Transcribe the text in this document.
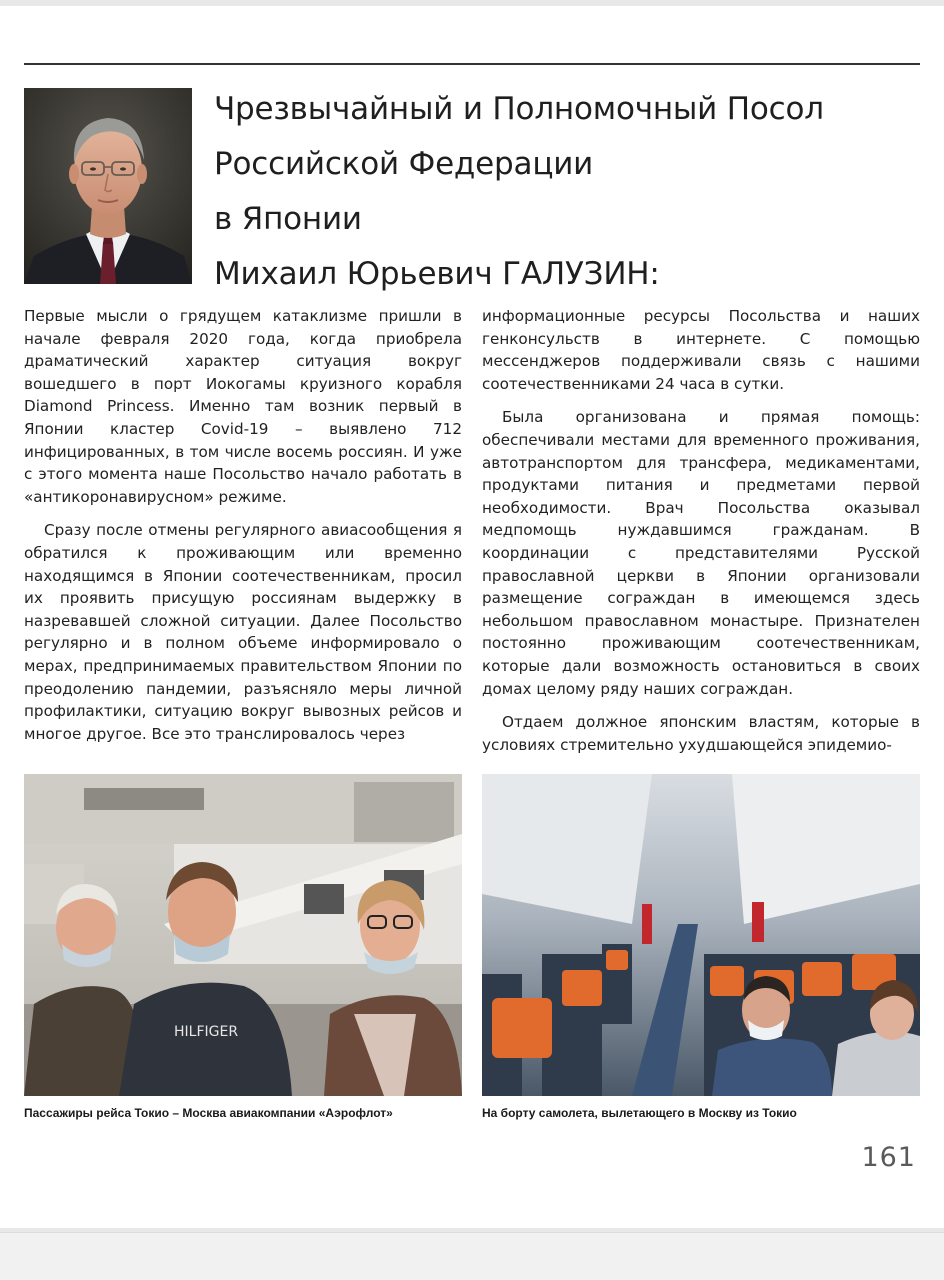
Чрезвычайный и Полномочный Посол
Российской Федерации
в Японии
Михаил Юрьевич ГАЛУЗИН:

Первые мысли о грядущем катаклизме пришли в начале февраля 2020 года, когда приобрела драматический характер ситуация вокруг вошедшего в порт Иокогамы круизного корабля Diamond Princess. Именно там возник первый в Японии кластер Covid-19 – выявлено 712 инфицированных, в том числе восемь россиян. И уже с этого момента наше Посольство начало работать в «антикоронавирусном» режиме.

Сразу после отмены регулярного авиасообщения я обратился к проживающим или временно находящимся в Японии соотечественникам, просил их проявить присущую россиянам выдержку в назревавшей сложной ситуации. Далее Посольство регулярно и в полном объеме информировало о мерах, предпринимаемых правительством Японии по преодолению пандемии, разъясняло меры личной профилактики, ситуацию вокруг вывозных рейсов и многое другое. Все это транслировалось через

информационные ресурсы Посольства и наших генконсульств в интернете. С помощью мессенджеров поддерживали связь с нашими соотечественниками 24 часа в сутки.

Была организована и прямая помощь: обеспечивали местами для временного проживания, автотранспортом для трансфера, медикаментами, продуктами питания и предметами первой необходимости. Врач Посольства оказывал медпомощь нуждавшимся гражданам. В координации с представителями Русской православной церкви в Японии организовали размещение сограждан в имеющемся здесь небольшом православном монастыре. Признателен постоянно проживающим соотечественникам, которые дали возможность остановиться в своих домах целому ряду наших сограждан.

Отдаем должное японским властям, которые в условиях стремительно ухудшающейся эпидемио-

HILFIGER
Пассажиры рейса Токио – Москва авиакомпании «Аэрофлот»	На борту самолета, вылетающего в Москву из Токио
161
